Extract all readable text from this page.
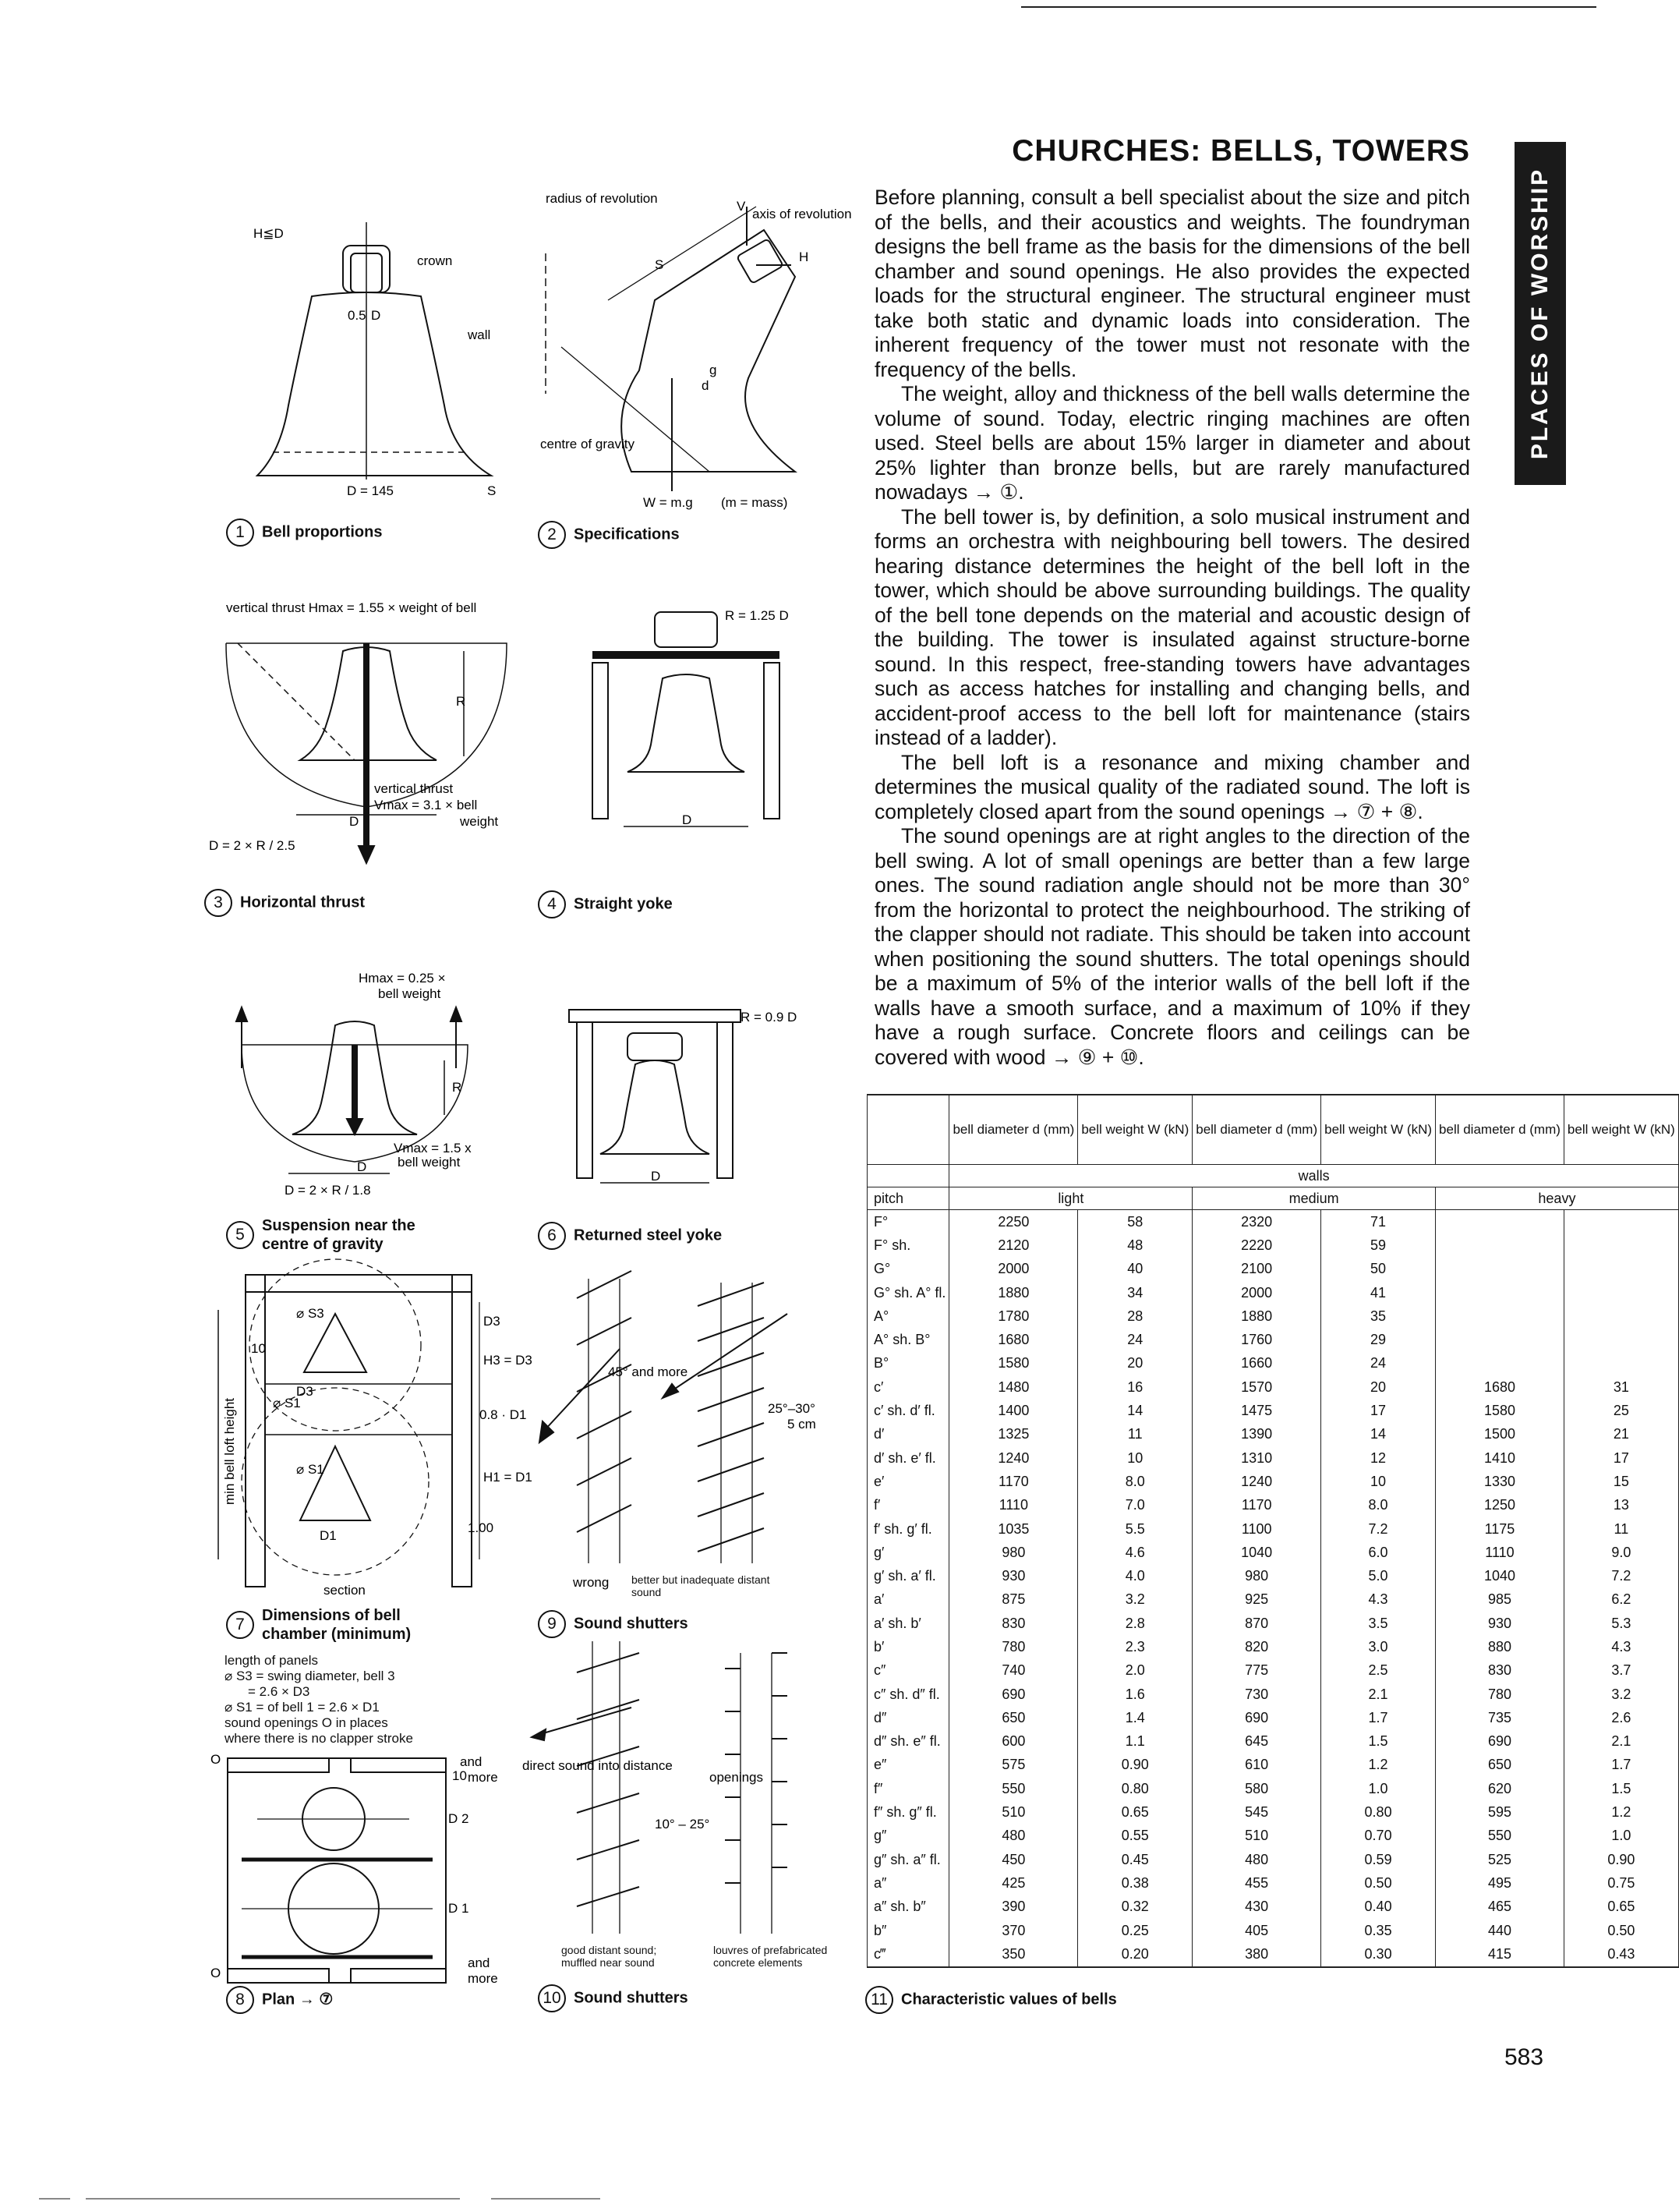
CHURCHES: BELLS, TOWERS
PLACES OF WORSHIP

Before planning, consult a bell specialist about the size and pitch of the bells, and their acoustics and weights. The foundryman designs the bell frame as the basis for the dimensions of the bell chamber and sound openings. He also provides the expected loads for the structural engineer. The structural engineer must take both static and dynamic loads into consideration. The inherent frequency of the tower must not resonate with the frequency of the bells.

The weight, alloy and thickness of the bell walls determine the volume of sound. Today, electric ringing machines are often used. Steel bells are about 15% larger in diameter and about 25% lighter than bronze bells, but are rarely manufactured nowadays → ①.

The bell tower is, by definition, a solo musical instrument and forms an orchestra with neighbouring bell towers. The desired hearing distance determines the height of the bell loft in the tower, which should be above surrounding buildings. The quality of the bell tone depends on the material and acoustic design of the building. The tower is insulated against structure-borne sound. In this respect, free-standing towers have advantages such as access hatches for installing and changing bells, and accident-proof access to the bell loft for maintenance (stairs instead of a ladder).

The bell loft is a resonance and mixing chamber and determines the musical quality of the radiated sound. The loft is completely closed apart from the sound openings → ⑦ + ⑧.

The sound openings are at right angles to the direction of the bell swing. A lot of small openings are better than a few large ones. The sound radiation angle should not be more than 30° from the horizontal to protect the neighbourhood. The striking of the clapper should not radiate. This should be taken into account when positioning the sound shutters. The total openings should be a maximum of 5% of the interior walls of the bell loft if the walls have a smooth surface, and a maximum of 10% if they have a rough surface. Concrete floors and ceilings can be covered with wood → ⑨ + ⑩.

H≦D
crown
0.5 D
wall
D = 145	S
1 Bell proportions
radius of revolution
axis of revolution
V
H
S
g
d
centre of gravity
W = m.g (m = mass)
2 Specifications
vertical thrust Hmax = 1.55 × weight of bell
R
vertical thrust
Vmax = 3.1 × bell
weight
D
D = 2 × R / 2.5
3 Horizontal thrust
R = 1.25 D
D
4 Straight yoke
Hmax = 0.25 ×
bell weight
R
Vmax = 1.5 x
bell weight
D
D = 2 × R / 1.8
5 Suspension near the centre of gravity
R = 0.9 D
D
6 Returned steel yoke
⌀ S3
D3
H3 = D3
⌀ S1
D3
10
0.8 · D1
⌀ S1
H1 = D1
D1
1.00
section
min bell loft height
7 Dimensions of bell chamber (minimum)
length of panels
⌀ S3 = swing diameter, bell 3
= 2.6 × D3
⌀ S1 = of bell 1 = 2.6 × D1
sound openings O in places
where there is no clapper stroke
O
O
and
more
10
D 2
D 1
and
more
8 Plan → ⑦
45° and more
25°–30°
5 cm
wrong better but inadequate distant sound
9 Sound shutters
direct sound into distance
openings
10° – 25°
good distant sound; muffled near sound
louvres of prefabricated concrete elements
10 Sound shutters
	bell diameter d (mm)	bell weight W (kN)	bell diameter d (mm)	bell weight W (kN)	bell diameter d (mm)	bell weight W (kN)
	walls					
pitch	light		medium		heavy	
F°	2250	58	2320	71		
F° sh.	2120	48	2220	59		
G°	2000	40	2100	50		
G° sh. A° fl.	1880	34	2000	41		
A°	1780	28	1880	35		
A° sh. B°	1680	24	1760	29		
B°	1580	20	1660	24		
c′	1480	16	1570	20	1680	31
c′ sh. d′ fl.	1400	14	1475	17	1580	25
d′	1325	11	1390	14	1500	21
d′ sh. e′ fl.	1240	10	1310	12	1410	17
e′	1170	8.0	1240	10	1330	15
f′	1110	7.0	1170	8.0	1250	13
f′ sh. g′ fl.	1035	5.5	1100	7.2	1175	11
g′	980	4.6	1040	6.0	1110	9.0
g′ sh. a′ fl.	930	4.0	980	5.0	1040	7.2
a′	875	3.2	925	4.3	985	6.2
a′ sh. b′	830	2.8	870	3.5	930	5.3
b′	780	2.3	820	3.0	880	4.3
c″	740	2.0	775	2.5	830	3.7
c″ sh. d″ fl.	690	1.6	730	2.1	780	3.2
d″	650	1.4	690	1.7	735	2.6
d″ sh. e″ fl.	600	1.1	645	1.5	690	2.1
e″	575	0.90	610	1.2	650	1.7
f″	550	0.80	580	1.0	620	1.5
f″ sh. g″ fl.	510	0.65	545	0.80	595	1.2
g″	480	0.55	510	0.70	550	1.0
g″ sh. a″ fl.	450	0.45	480	0.59	525	0.90
a″	425	0.38	455	0.50	495	0.75
a″ sh. b″	390	0.32	430	0.40	465	0.65
b″	370	0.25	405	0.35	440	0.50
c‴	350	0.20	380	0.30	415	0.43
11 Characteristic values of bells
583
